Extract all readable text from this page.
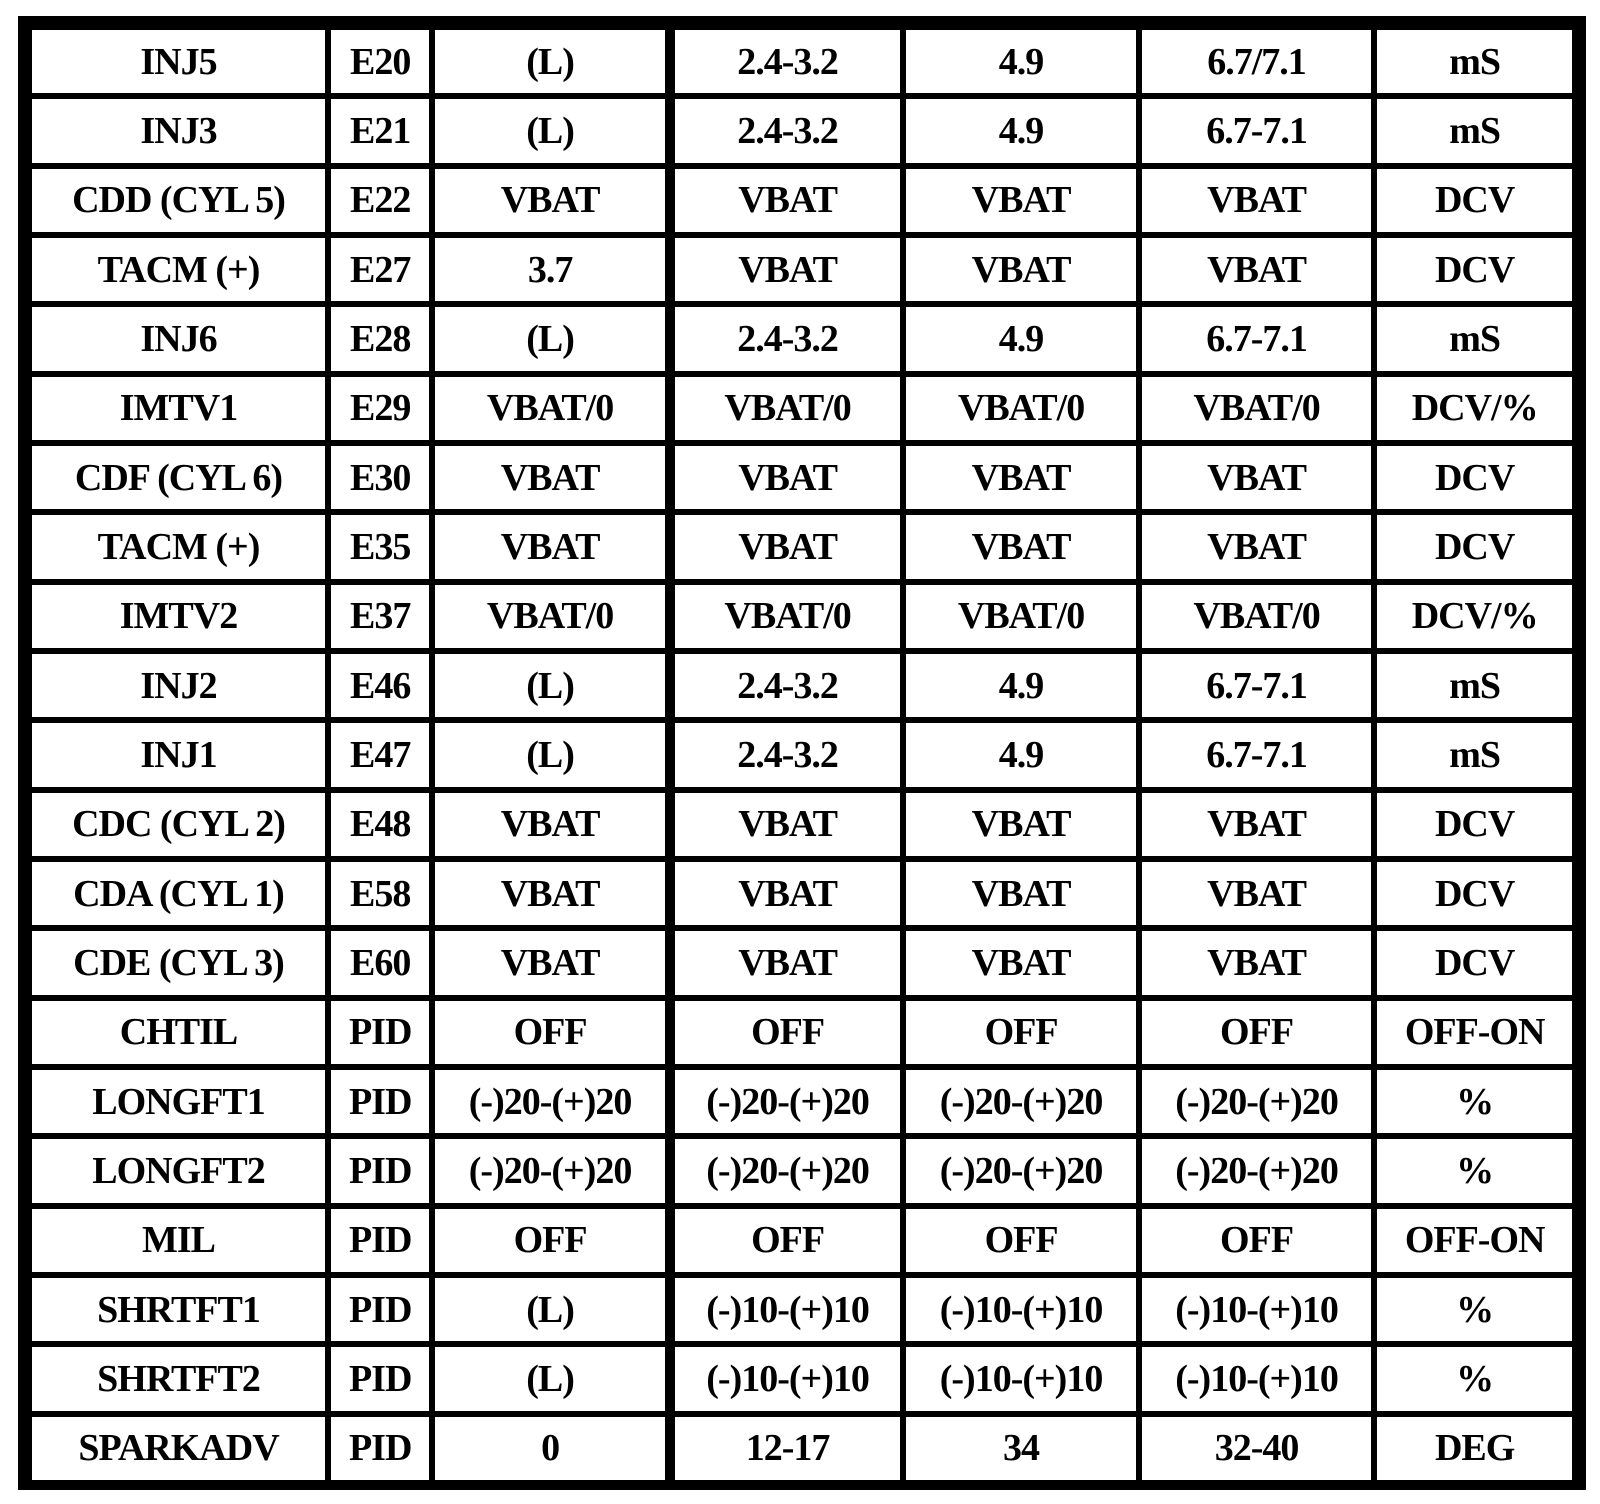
INJ5	E20	(L)	2.4-3.2	4.9	6.7/7.1	mS
INJ3	E21	(L)	2.4-3.2	4.9	6.7-7.1	mS
CDD (CYL 5)	E22	VBAT	VBAT	VBAT	VBAT	DCV
TACM (+)	E27	3.7	VBAT	VBAT	VBAT	DCV
INJ6	E28	(L)	2.4-3.2	4.9	6.7-7.1	mS
IMTV1	E29	VBAT/0	VBAT/0	VBAT/0	VBAT/0	DCV/%
CDF (CYL 6)	E30	VBAT	VBAT	VBAT	VBAT	DCV
TACM (+)	E35	VBAT	VBAT	VBAT	VBAT	DCV
IMTV2	E37	VBAT/0	VBAT/0	VBAT/0	VBAT/0	DCV/%
INJ2	E46	(L)	2.4-3.2	4.9	6.7-7.1	mS
INJ1	E47	(L)	2.4-3.2	4.9	6.7-7.1	mS
CDC (CYL 2)	E48	VBAT	VBAT	VBAT	VBAT	DCV
CDA (CYL 1)	E58	VBAT	VBAT	VBAT	VBAT	DCV
CDE (CYL 3)	E60	VBAT	VBAT	VBAT	VBAT	DCV
CHTIL	PID	OFF	OFF	OFF	OFF	OFF-ON
LONGFT1	PID	(-)20-(+)20	(-)20-(+)20	(-)20-(+)20	(-)20-(+)20	%
LONGFT2	PID	(-)20-(+)20	(-)20-(+)20	(-)20-(+)20	(-)20-(+)20	%
MIL	PID	OFF	OFF	OFF	OFF	OFF-ON
SHRTFT1	PID	(L)	(-)10-(+)10	(-)10-(+)10	(-)10-(+)10	%
SHRTFT2	PID	(L)	(-)10-(+)10	(-)10-(+)10	(-)10-(+)10	%
SPARKADV	PID	0	12-17	34	32-40	DEG
